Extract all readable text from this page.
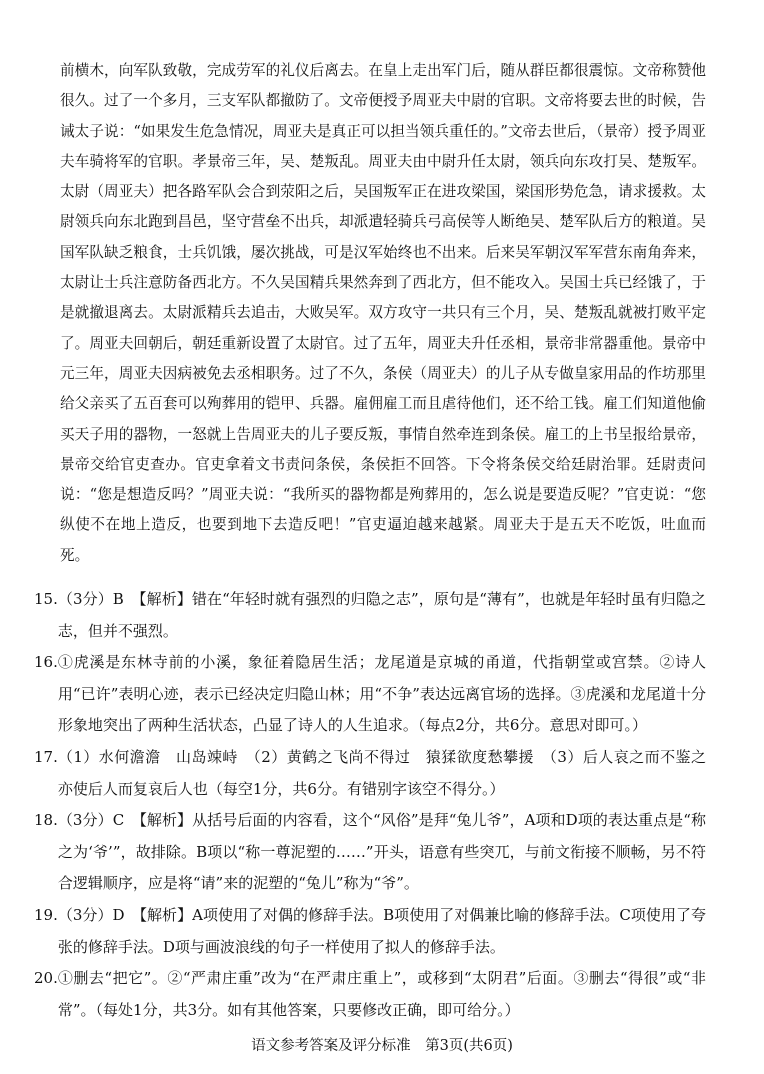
前横木，向军队致敬，完成劳军的礼仪后离去。在皇上走出军门后，随从群臣都很震惊。文帝称赞他很久。过了一个多月，三支军队都撤防了。文帝便授予周亚夫中尉的官职。文帝将要去世的时候，告诫太子说：“如果发生危急情况，周亚夫是真正可以担当领兵重任的。”文帝去世后，（景帝）授予周亚夫车骑将军的官职。孝景帝三年，吴、楚叛乱。周亚夫由中尉升任太尉，领兵向东攻打吴、楚叛军。太尉（周亚夫）把各路军队会合到荥阳之后，吴国叛军正在进攻梁国，梁国形势危急，请求援救。太尉领兵向东北跑到昌邑，坚守营垒不出兵，却派遣轻骑兵弓高侯等人断绝吴、楚军队后方的粮道。吴国军队缺乏粮食，士兵饥饿，屡次挑战，可是汉军始终也不出来。后来吴军朝汉军军营东南角奔来，太尉让士兵注意防备西北方。不久吴国精兵果然奔到了西北方，但不能攻入。吴国士兵已经饿了，于是就撤退离去。太尉派精兵去追击，大败吴军。双方攻守一共只有三个月，吴、楚叛乱就被打败平定了。周亚夫回朝后，朝廷重新设置了太尉官。过了五年，周亚夫升任丞相，景帝非常器重他。景帝中元三年，周亚夫因病被免去丞相职务。过了不久，条侯（周亚夫）的儿子从专做皇家用品的作坊那里给父亲买了五百套可以殉葬用的铠甲、兵器。雇佣雇工而且虐待他们，还不给工钱。雇工们知道他偷买天子用的器物，一怒就上告周亚夫的儿子要反叛，事情自然牵连到条侯。雇工的上书呈报给景帝，景帝交给官吏查办。官吏拿着文书责问条侯，条侯拒不回答。下令将条侯交给廷尉治罪。廷尉责问说：“您是想造反吗？”周亚夫说：“我所买的器物都是殉葬用的，怎么说是要造反呢？”官吏说：“您纵使不在地上造反，也要到地下去造反吧！”官吏逼迫越来越紧。周亚夫于是五天不吃饭，吐血而死。

15. （3分）B　【解析】错在“年轻时就有强烈的归隐之志”，原句是“薄有”，也就是年轻时虽有归隐之志，但并不强烈。
16. ①虎溪是东林寺前的小溪，象征着隐居生活；龙尾道是京城的甬道，代指朝堂或宫禁。②诗人用“已许”表明心迹，表示已经决定归隐山林；用“不争”表达远离官场的选择。③虎溪和龙尾道十分形象地突出了两种生活状态，凸显了诗人的人生追求。（每点2分，共6分。意思对即可。）
17. （1）水何澹澹　山岛竦峙　（2）黄鹤之飞尚不得过　猿猱欲度愁攀援　（3）后人哀之而不鉴之　亦使后人而复哀后人也（每空1分，共6分。有错别字该空不得分。）
18. （3分）C　【解析】从括号后面的内容看，这个“风俗”是拜“兔儿爷”，A项和D项的表达重点是“称之为‘爷’”，故排除。B项以“称一尊泥塑的……”开头，语意有些突兀，与前文衔接不顺畅，另不符合逻辑顺序，应是将“请”来的泥塑的“兔儿”称为“爷”。
19. （3分）D　【解析】A项使用了对偶的修辞手法。B项使用了对偶兼比喻的修辞手法。C项使用了夸张的修辞手法。D项与画波浪线的句子一样使用了拟人的修辞手法。
20. ①删去“把它”。②“严肃庄重”改为“在严肃庄重上”，或移到“太阴君”后面。③删去“得很”或“非常”。（每处1分，共3分。如有其他答案，只要修改正确，即可给分。）
语文参考答案及评分标准　第3页(共6页)
